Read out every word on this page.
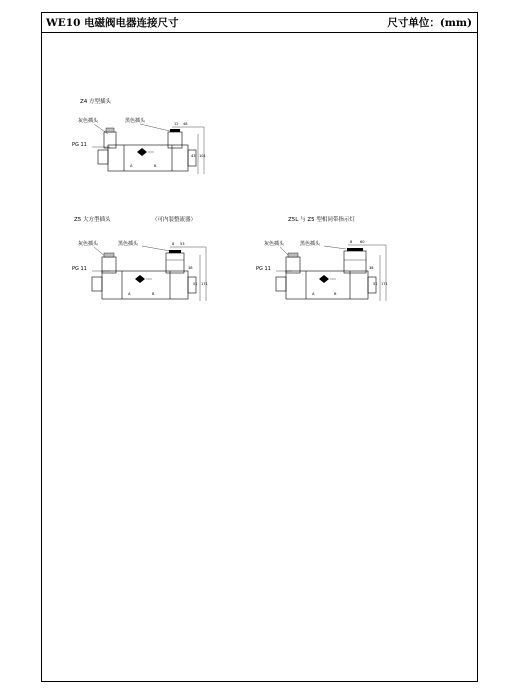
WE10 电磁阀电器连接尺寸	尺寸单位：(mm)
Z4 方型插头
灰色插头	黑色插头
PG 11
A	B
12 48
43 101
Z5 大方型插头	（可内装整流器）
灰色插头	黑色插头
PG 11
A	B
8 53
51 171
38
Z5L 与 Z5 型相同带指示灯
灰色插头	黑色插头
PG 11
A	B
8 60
51 171
38
